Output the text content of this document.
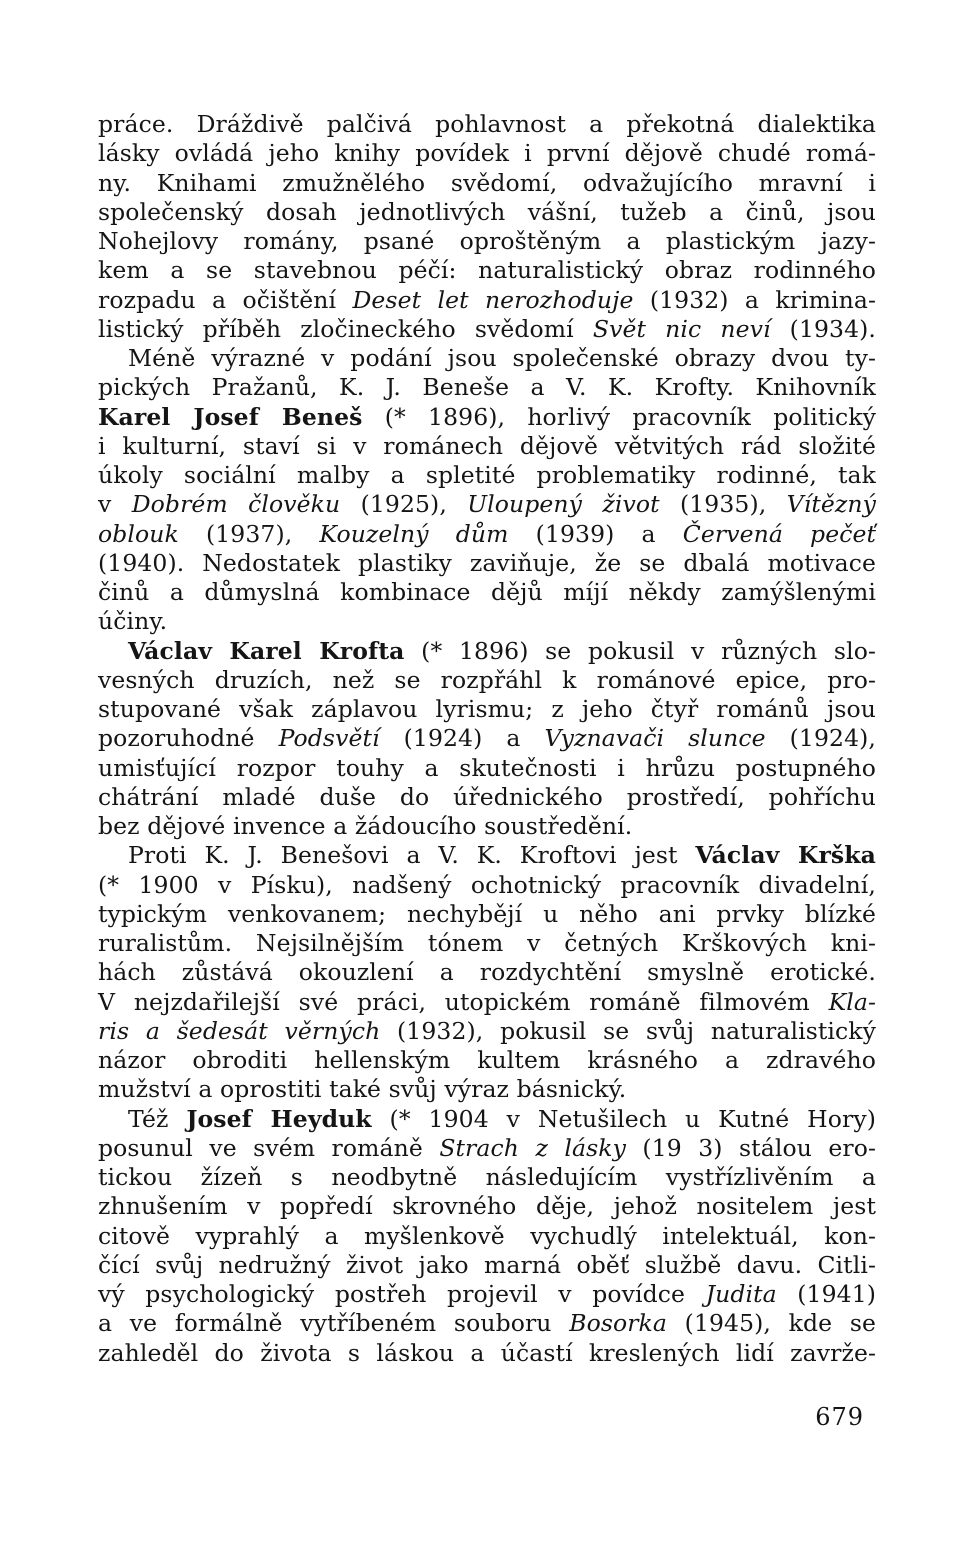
práce. Dráždivě palčivá pohlavnost a překotná dialektika
lásky ovládá jeho knihy povídek i první dějově chudé romá-
ny. Knihami zmužnělého svědomí, odvažujícího mravní i
společenský dosah jednotlivých vášní, tužeb a činů, jsou
Nohejlovy romány, psané oproštěným a plastickým jazy-
kem a se stavebnou péčí: naturalistický obraz rodinného
rozpadu a očištění Deset let nerozhoduje (1932) a krimina-
listický příběh zločineckého svědomí Svět nic neví (1934).
Méně výrazné v podání jsou společenské obrazy dvou ty-
pických Pražanů, K. J. Beneše a V. K. Krofty. Knihovník
Karel Josef Beneš (* 1896), horlivý pracovník politický
i kulturní, staví si v románech dějově větvitých rád složité
úkoly sociální malby a spletité problematiky rodinné, tak
v Dobrém člověku (1925), Uloupený život (1935), Vítězný
oblouk (1937), Kouzelný dům (1939) a Červená pečeť
(1940). Nedostatek plastiky zaviňuje, že se dbalá motivace
činů a důmyslná kombinace dějů míjí někdy zamýšlenými
účiny.
Václav Karel Krofta (* 1896) se pokusil v různých slo-
vesných druzích, než se rozpřáhl k románové epice, pro-
stupované však záplavou lyrismu; z jeho čtyř románů jsou
pozoruhodné Podsvětí (1924) a Vyznavači slunce (1924),
umisťující rozpor touhy a skutečnosti i hrůzu postupného
chátrání mladé duše do úřednického prostředí, pohříchu
bez dějové invence a žádoucího soustředění.
Proti K. J. Benešovi a V. K. Kroftovi jest Václav Krška
(* 1900 v Písku), nadšený ochotnický pracovník divadelní,
typickým venkovanem; nechybějí u něho ani prvky blízké
ruralistům. Nejsilnějším tónem v četných Krškových kni-
hách zůstává okouzlení a rozdychtění smyslně erotické.
V nejzdařilejší své práci, utopickém románě filmovém Kla-
ris a šedesát věrných (1932), pokusil se svůj naturalistický
názor obroditi hellenským kultem krásného a zdravého
mužství a oprostiti také svůj výraz básnický.
Též Josef Heyduk (* 1904 v Netušilech u Kutné Hory)
posunul ve svém románě Strach z lásky (19 3) stálou ero-
tickou žízeň s neodbytně následujícím vystřízlivěním a
zhnušením v popředí skrovného děje, jehož nositelem jest
citově vyprahlý a myšlenkově vychudlý intelektuál, kon-
čící svůj nedružný život jako marná oběť službě davu. Citli-
vý psychologický postřeh projevil v povídce Judita (1941)
a ve formálně vytříbeném souboru Bosorka (1945), kde se
zahleděl do života s láskou a účastí kreslených lidí zavrže-
679
